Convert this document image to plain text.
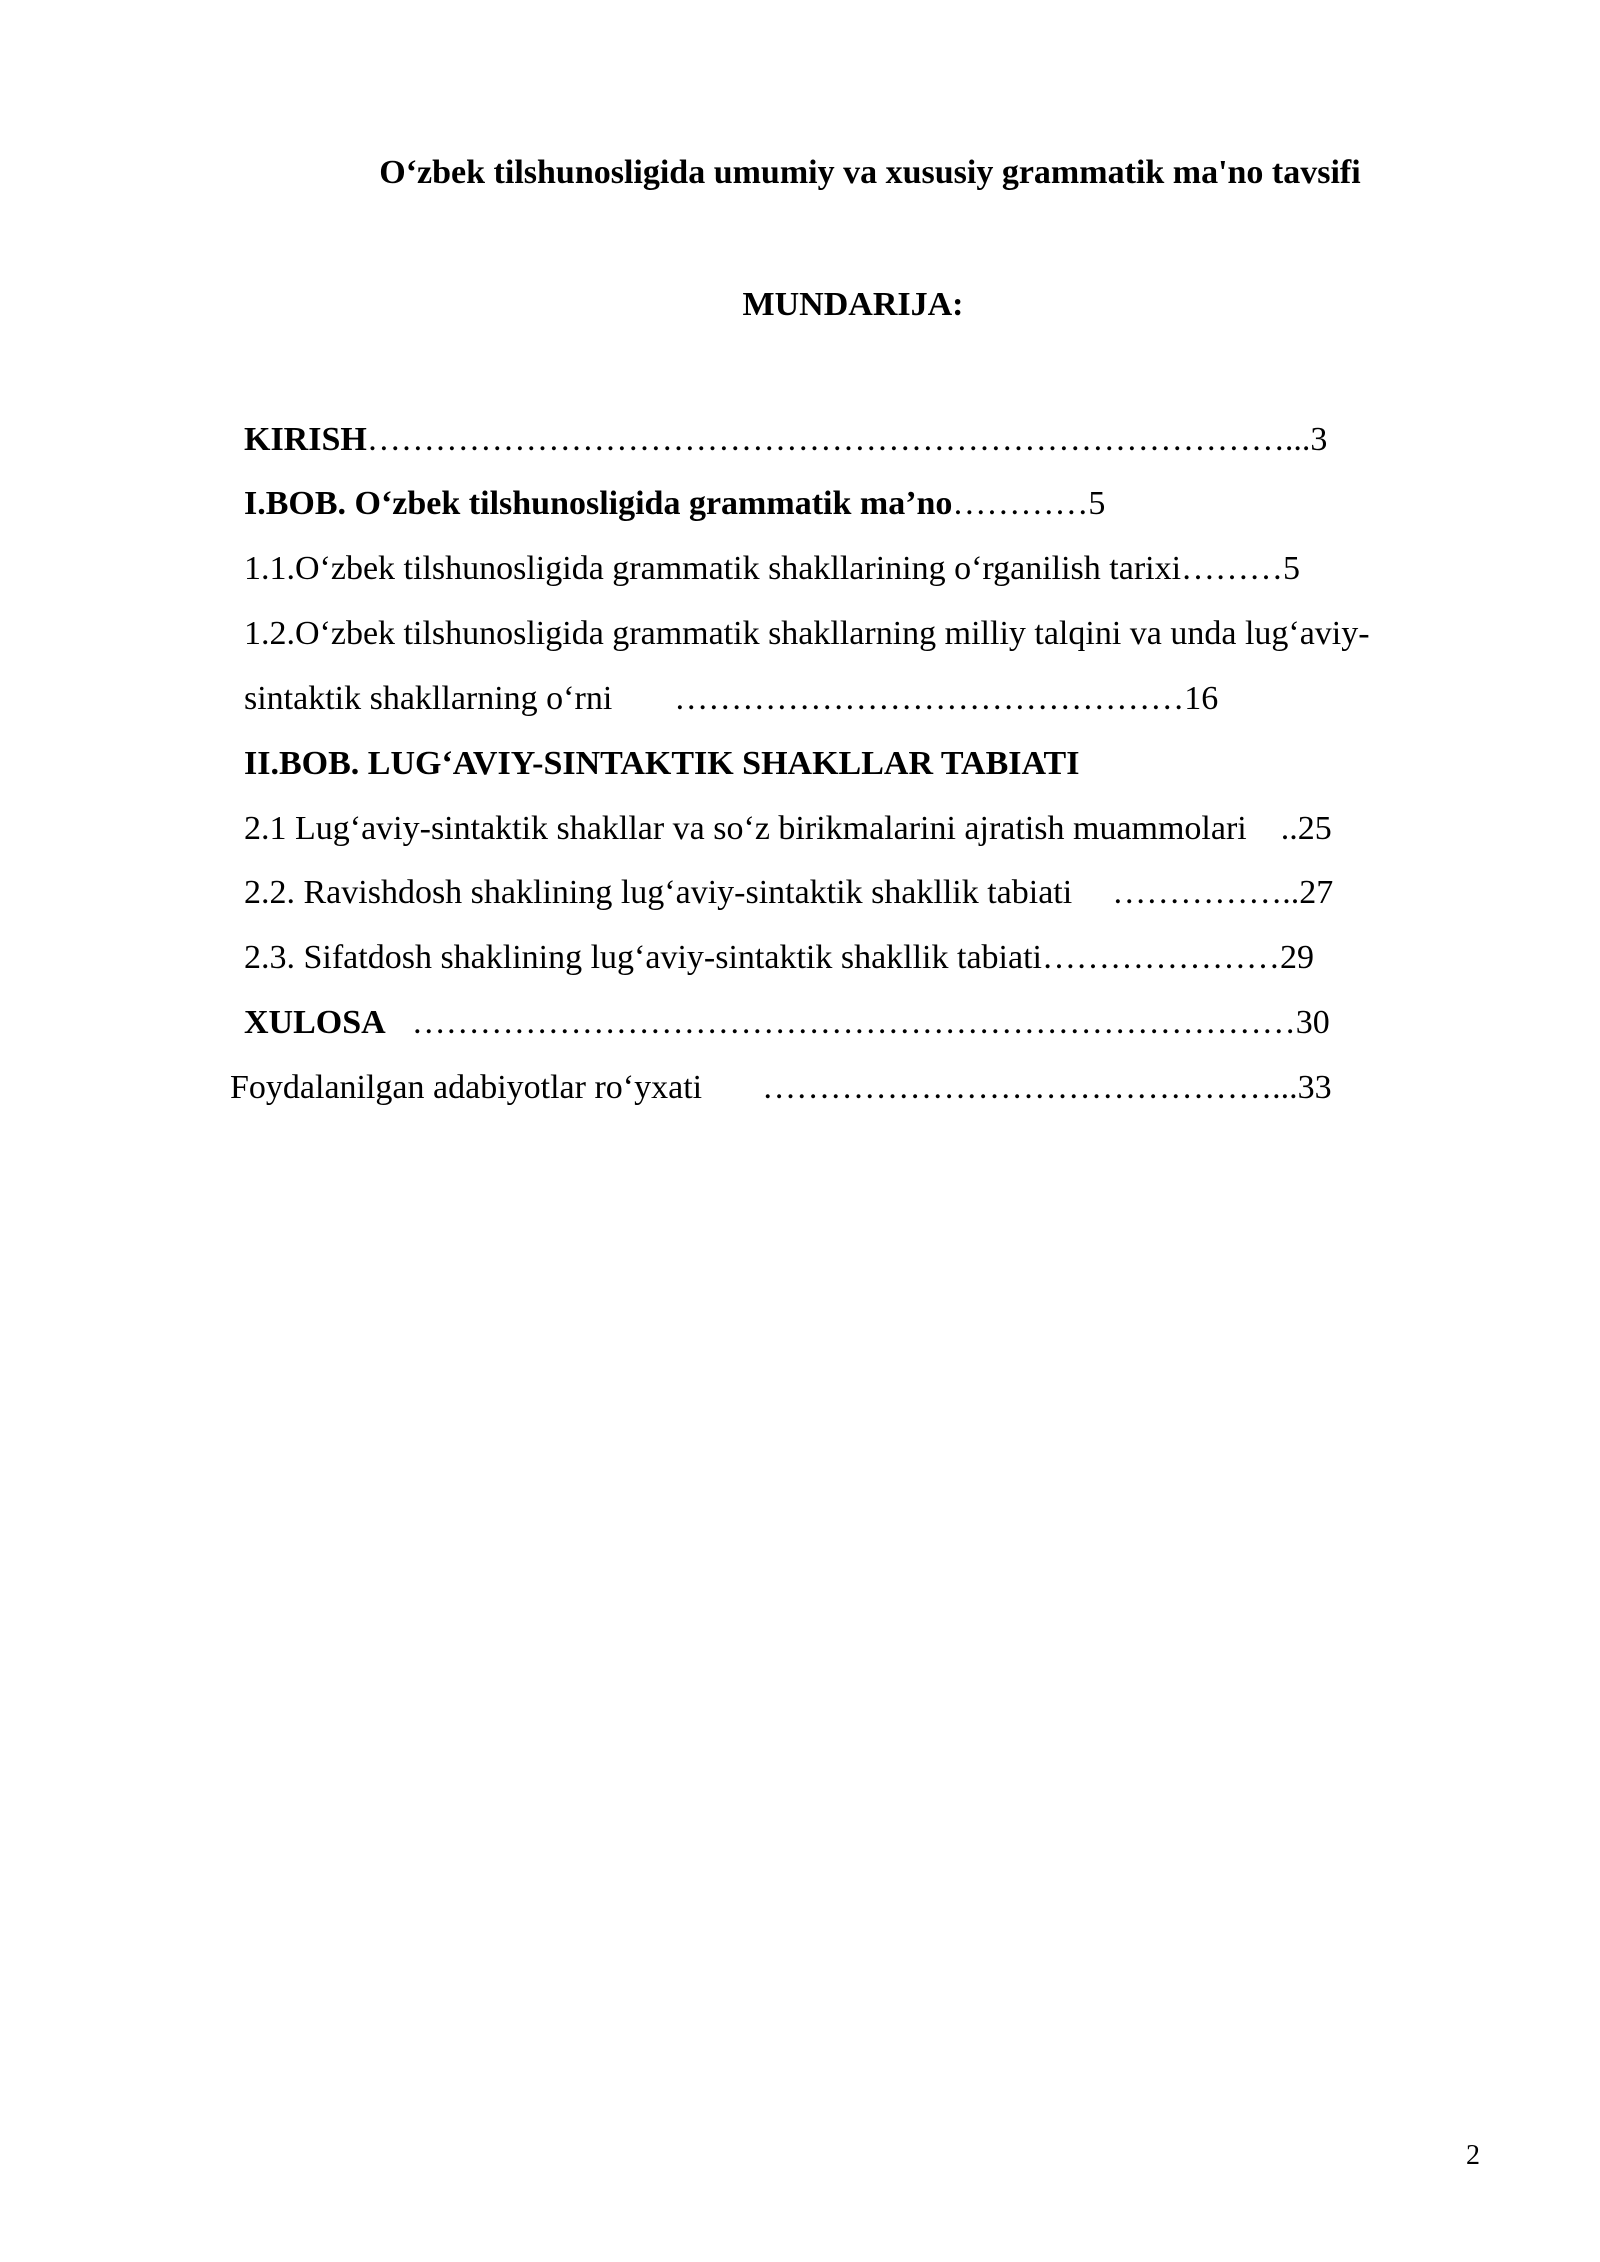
O‘zbek tilshunosligida umumiy va xususiy grammatik ma'no tavsifi
MUNDARIJA:
KIRISH………………………………………………………………………...3
I.BOB. O‘zbek tilshunosligida grammatik ma’no…………5
1.1.O‘zbek tilshunosligida grammatik shakllarining o‘rganilish tarixi………5
1.2.O‘zbek tilshunosligida grammatik shakllarning milliy talqini va unda lug‘aviy-
sintaktik shakllarning o‘rni ………………………………………16
II.BOB. LUG‘AVIY-SINTAKTIK SHAKLLAR TABIATI
2.1 Lug‘aviy-sintaktik shakllar va so‘z birikmalarini ajratish muammolari ..25
2.2. Ravishdosh shaklining lug‘aviy-sintaktik shakllik tabiati ……………..27
2.3. Sifatdosh shaklining lug‘aviy-sintaktik shakllik tabiati…………………29
XULOSA ……………………………………………………………………30
Foydalanilgan adabiyotlar ro‘yxati ………………………………………...33
2
